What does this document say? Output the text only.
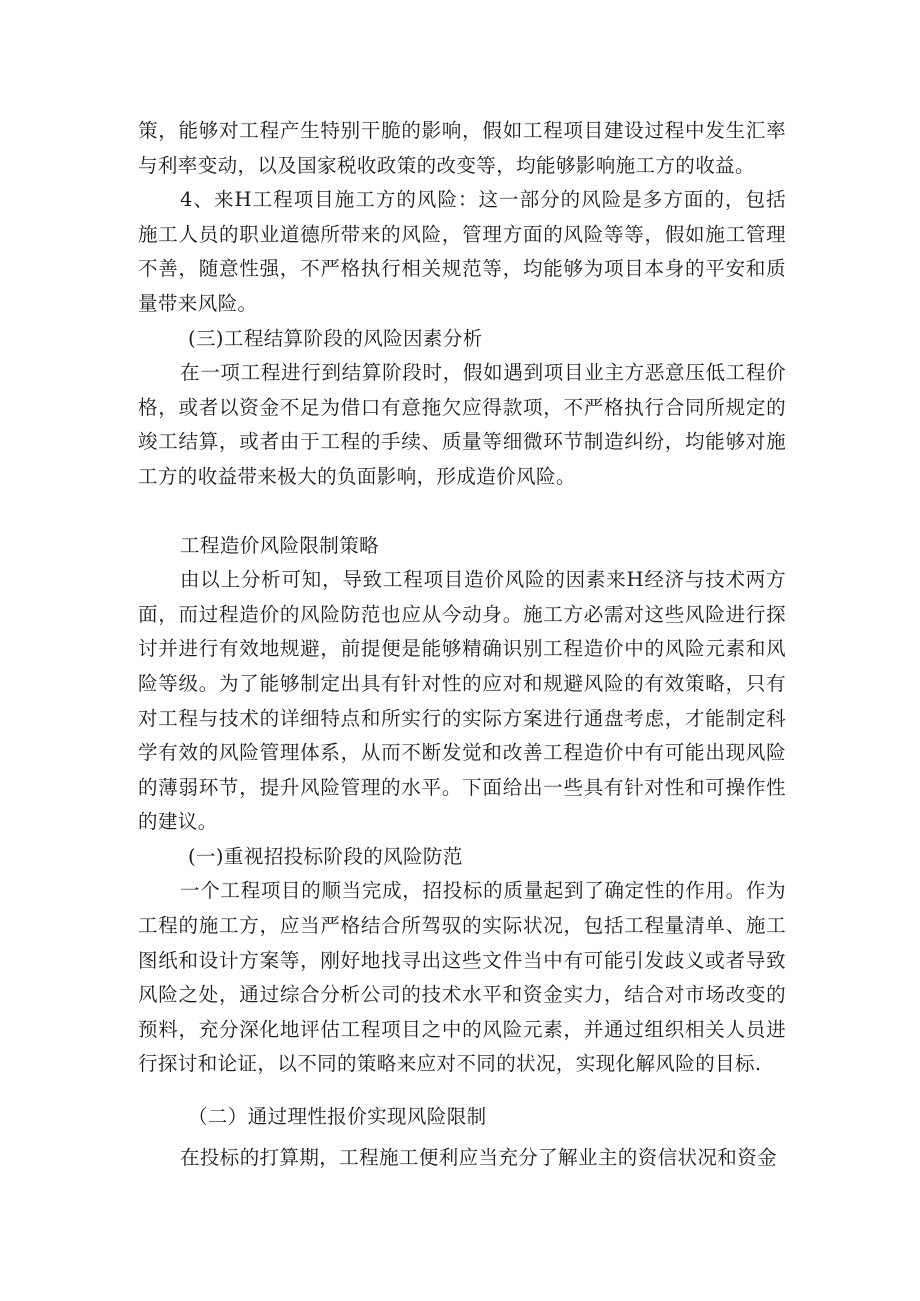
策，能够对工程产生特别干脆的影响，假如工程项目建设过程中发生汇率与利率变动，以及国家税收政策的改变等，均能够影响施工方的收益。

4、来H工程项目施工方的风险：这一部分的风险是多方面的，包括施工人员的职业道德所带来的风险，管理方面的风险等等，假如施工管理不善，随意性强，不严格执行相关规范等，均能够为项目本身的平安和质量带来风险。

(三)工程结算阶段的风险因素分析

在一项工程进行到结算阶段时，假如遇到项目业主方恶意压低工程价格，或者以资金不足为借口有意拖欠应得款项，不严格执行合同所规定的竣工结算，或者由于工程的手续、质量等细微环节制造纠纷，均能够对施工方的收益带来极大的负面影响，形成造价风险。

工程造价风险限制策略

由以上分析可知，导致工程项目造价风险的因素来H经济与技术两方面，而过程造价的风险防范也应从今动身。施工方必需对这些风险进行探讨并进行有效地规避，前提便是能够精确识别工程造价中的风险元素和风险等级。为了能够制定出具有针对性的应对和规避风险的有效策略，只有对工程与技术的详细特点和所实行的实际方案进行通盘考虑，才能制定科学有效的风险管理体系，从而不断发觉和改善工程造价中有可能出现风险的薄弱环节，提升风险管理的水平。下面给出一些具有针对性和可操作性的建议。

(一)重视招投标阶段的风险防范

一个工程项目的顺当完成，招投标的质量起到了确定性的作用。作为工程的施工方，应当严格结合所驾驭的实际状况，包括工程量清单、施工图纸和设计方案等，刚好地找寻出这些文件当中有可能引发歧义或者导致风险之处，通过综合分析公司的技术水平和资金实力，结合对市场改变的预料，充分深化地评估工程项目之中的风险元素，并通过组织相关人员进行探讨和论证，以不同的策略来应对不同的状况，实现化解风险的目标.

（二）通过理性报价实现风险限制

在投标的打算期，工程施工便利应当充分了解业主的资信状况和资金
